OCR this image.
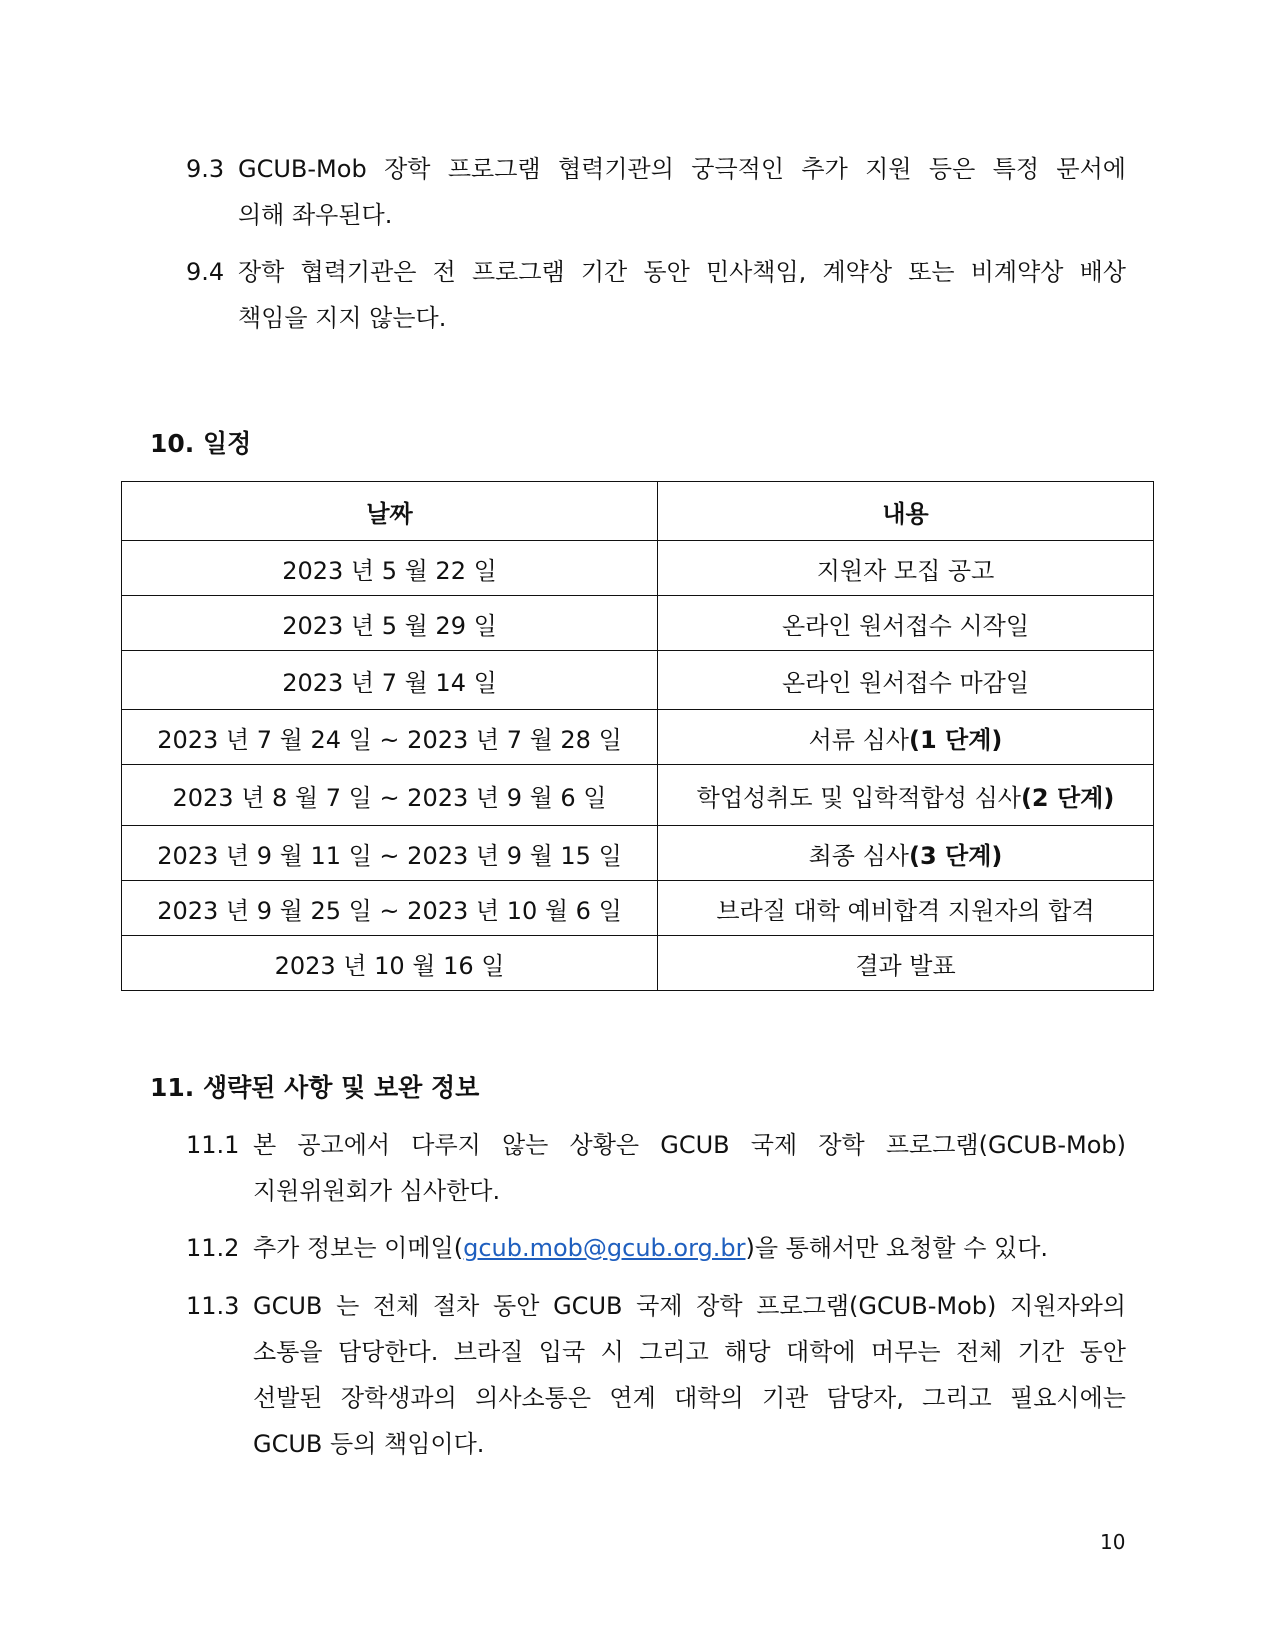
9.3 GCUB-Mob 장학 프로그램 협력기관의 궁극적인 추가 지원 등은 특정 문서에
의해 좌우된다.
9.4 장학 협력기관은 전 프로그램 기간 동안 민사책임, 계약상 또는 비계약상 배상
책임을 지지 않는다.
10. 일정
날짜	내용
2023 년 5 월 22 일	지원자 모집 공고
2023 년 5 월 29 일	온라인 원서접수 시작일
2023 년 7 월 14 일	온라인 원서접수 마감일
2023 년 7 월 24 일 ~ 2023 년 7 월 28 일	서류 심사(1 단계)
2023 년 8 월 7 일 ~ 2023 년 9 월 6 일	학업성취도 및 입학적합성 심사(2 단계)
2023 년 9 월 11 일 ~ 2023 년 9 월 15 일	최종 심사(3 단계)
2023 년 9 월 25 일 ~ 2023 년 10 월 6 일	브라질 대학 예비합격 지원자의 합격
2023 년 10 월 16 일	결과 발표
11. 생략된 사항 및 보완 정보
11.1 본 공고에서 다루지 않는 상황은 GCUB 국제 장학 프로그램(GCUB-Mob)
지원위원회가 심사한다.
11.2 추가 정보는 이메일(gcub.mob@gcub.org.br)을 통해서만 요청할 수 있다.
11.3 GCUB 는 전체 절차 동안 GCUB 국제 장학 프로그램(GCUB-Mob) 지원자와의
소통을 담당한다. 브라질 입국 시 그리고 해당 대학에 머무는 전체 기간 동안
선발된 장학생과의 의사소통은 연계 대학의 기관 담당자, 그리고 필요시에는
GCUB 등의 책임이다.
10
